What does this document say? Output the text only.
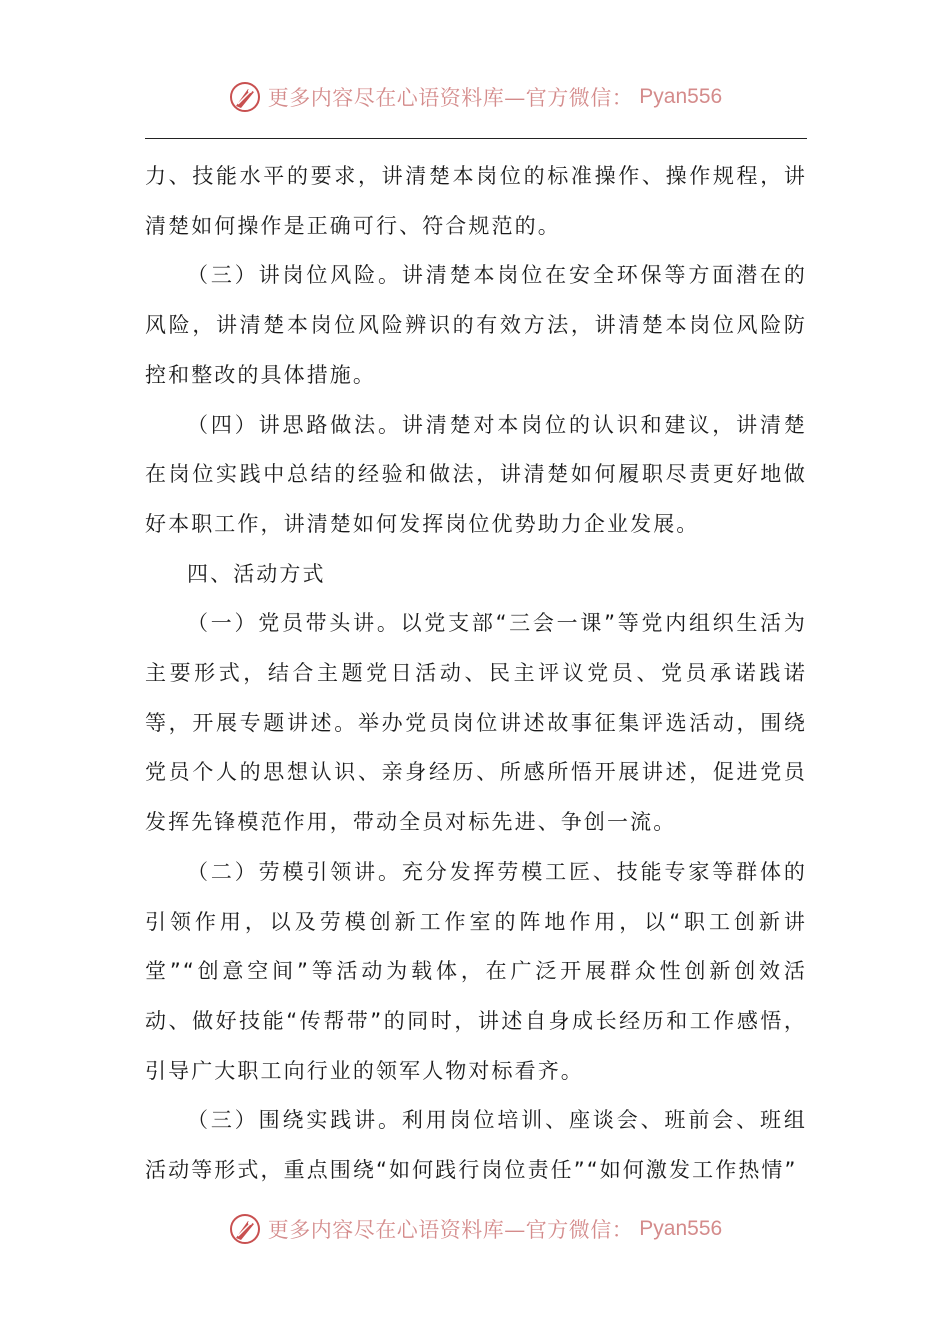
更多内容尽在心语资料库—官方微信： Pyan556

力、技能水平的要求，讲清楚本岗位的标准操作、操作规程，讲清楚如何操作是正确可行、符合规范的。

（三）讲岗位风险。讲清楚本岗位在安全环保等方面潜在的风险，讲清楚本岗位风险辨识的有效方法，讲清楚本岗位风险防控和整改的具体措施。

（四）讲思路做法。讲清楚对本岗位的认识和建议，讲清楚在岗位实践中总结的经验和做法，讲清楚如何履职尽责更好地做好本职工作，讲清楚如何发挥岗位优势助力企业发展。

四、活动方式

（一）党员带头讲。以党支部“三会一课”等党内组织生活为主要形式，结合主题党日活动、民主评议党员、党员承诺践诺等，开展专题讲述。举办党员岗位讲述故事征集评选活动，围绕党员个人的思想认识、亲身经历、所感所悟开展讲述，促进党员发挥先锋模范作用，带动全员对标先进、争创一流。

（二）劳模引领讲。充分发挥劳模工匠、技能专家等群体的引领作用，以及劳模创新工作室的阵地作用，以“职工创新讲堂”“创意空间”等活动为载体，在广泛开展群众性创新创效活动、做好技能“传帮带”的同时，讲述自身成长经历和工作感悟，引导广大职工向行业的领军人物对标看齐。

（三）围绕实践讲。利用岗位培训、座谈会、班前会、班组活动等形式，重点围绕“如何践行岗位责任”“如何激发工作热情”

更多内容尽在心语资料库—官方微信： Pyan556
